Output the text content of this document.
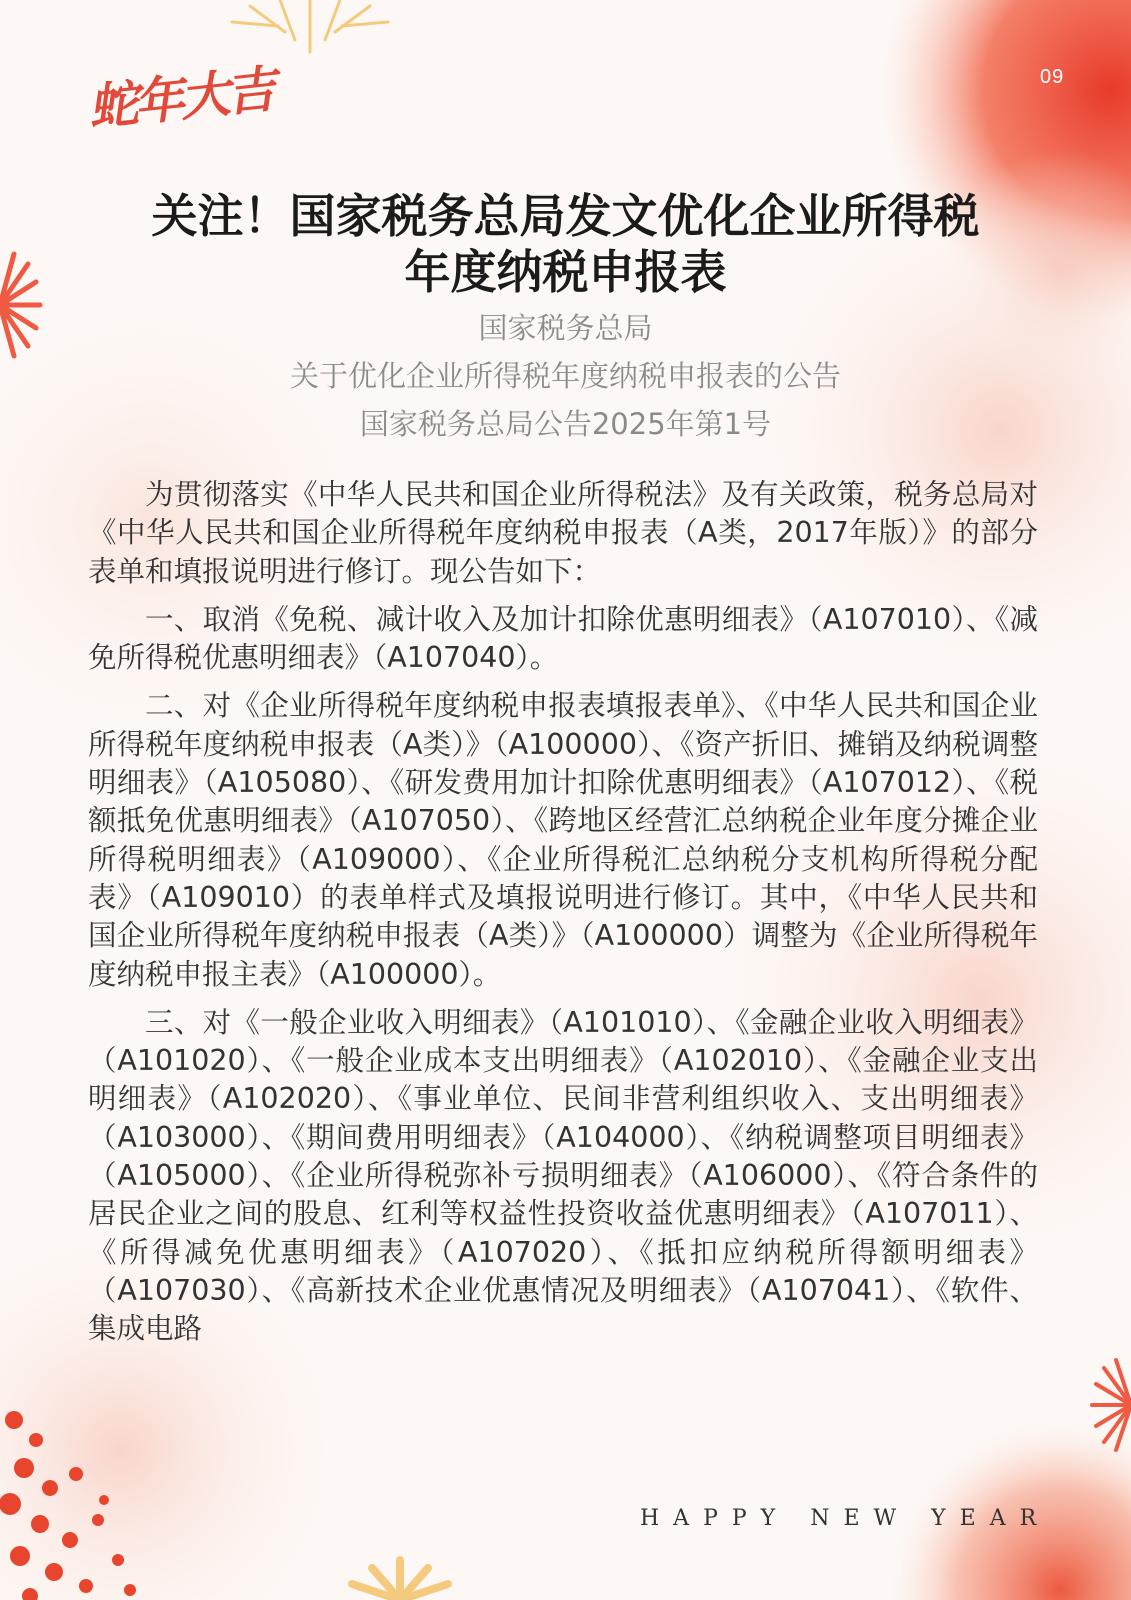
09
蛇年大吉
关注！国家税务总局发文优化企业所得税
年度纳税申报表
国家税务总局
关于优化企业所得税年度纳税申报表的公告
国家税务总局公告2025年第1号

为贯彻落实《中华人民共和国企业所得税法》及有关政策，税务总局对《中华人民共和国企业所得税年度纳税申报表（A类，2017年版）》的部分表单和填报说明进行修订。现公告如下：

一、取消《免税、减计收入及加计扣除优惠明细表》（A107010）、《减免所得税优惠明细表》（A107040）。

二、对《企业所得税年度纳税申报表填报表单》、《中华人民共和国企业所得税年度纳税申报表（A类）》（A100000）、《资产折旧、摊销及纳税调整明细表》（A105080）、《研发费用加计扣除优惠明细表》（A107012）、《税额抵免优惠明细表》（A107050）、《跨地区经营汇总纳税企业年度分摊企业所得税明细表》（A109000）、《企业所得税汇总纳税分支机构所得税分配表》（A109010）的表单样式及填报说明进行修订。其中，《中华人民共和国企业所得税年度纳税申报表（A类）》（A100000）调整为《企业所得税年度纳税申报主表》（A100000）。

三、对《一般企业收入明细表》（A101010）、《金融企业收入明细表》（A101020）、《一般企业成本支出明细表》（A102010）、《金融企业支出明细表》（A102020）、《事业单位、民间非营利组织收入、支出明细表》（A103000）、《期间费用明细表》（A104000）、《纳税调整项目明细表》（A105000）、《企业所得税弥补亏损明细表》（A106000）、《符合条件的居民企业之间的股息、红利等权益性投资收益优惠明细表》（A107011）、《所得减免优惠明细表》（A107020）、《抵扣应纳税所得额明细表》（A107030）、《高新技术企业优惠情况及明细表》（A107041）、《软件、集成电路

HAPPY NEW YEAR
